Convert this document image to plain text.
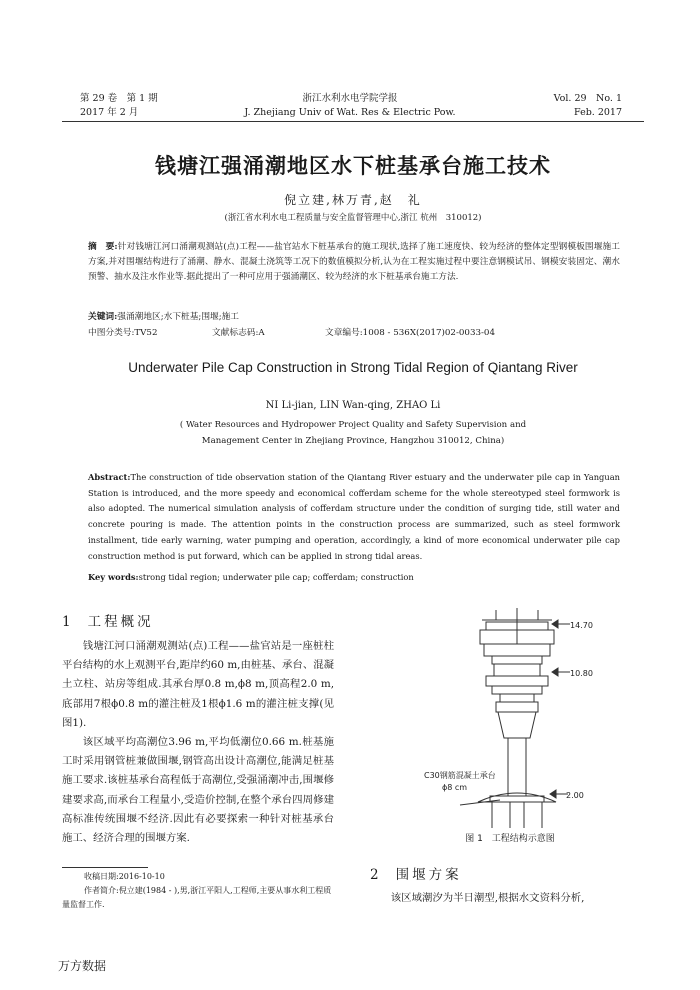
第 29 卷　第 1 期
2017 年 2 月
浙江水利水电学院学报
J. Zhejiang Univ of Wat. Res & Electric Pow.
Vol. 29　No. 1
Feb. 2017
钱塘江强涌潮地区水下桩基承台施工技术
倪立建,林万青,赵　礼
(浙江省水利水电工程质量与安全监督管理中心,浙江 杭州　310012)
摘　要:针对钱塘江河口涌潮观测站(点)工程——盐官站水下桩基承台的施工现状,选择了施工速度快、较为经济的整体定型钢模板围堰施工方案,并对围堰结构进行了涌潮、静水、混凝土浇筑等工况下的数值模拟分析,认为在工程实施过程中要注意钢模试吊、钢模安装固定、潮水预警、抽水及注水作业等.据此提出了一种可应用于强涌潮区、较为经济的水下桩基承台施工方法.
关键词:强涌潮地区;水下桩基;围堰;施工
中图分类号:TV52	文献标志码:A	文章编号:1008 - 536X(2017)02-0033-04
Underwater Pile Cap Construction in Strong Tidal Region of Qiantang River
NI Li-jian, LIN Wan-qing, ZHAO Li
( Water Resources and Hydropower Project Quality and Safety Supervision and
Management Center in Zhejiang Province, Hangzhou 310012, China)
Abstract:The construction of tide observation station of the Qiantang River estuary and the underwater pile cap in Yanguan Station is introduced, and the more speedy and economical cofferdam scheme for the whole stereotyped steel formwork is also adopted. The numerical simulation analysis of cofferdam structure under the condition of surging tide, still water and concrete pouring is made. The attention points in the construction process are summarized, such as steel formwork installment, tide early warning, water pumping and operation, accordingly, a kind of more economical underwater pile cap construction method is put forward, which can be applied in strong tidal areas.
Key words:strong tidal region; underwater pile cap; cofferdam; construction
1 工程概况
钱塘江河口涌潮观测站(点)工程——盐官站是一座桩柱平台结构的水上观测平台,距岸约60 m,由桩基、承台、混凝土立柱、站房等组成.其承台厚0.8 m,ϕ8 m,顶高程2.0 m,底部用7根ϕ0.8 m的灌注桩及1根ϕ1.6 m的灌注桩支撑(见图1).
该区域平均高潮位3.96 m,平均低潮位0.66 m.桩基施工时采用钢管桩兼做围堰,钢管高出设计高潮位,能满足桩基施工要求.该桩基承台高程低于高潮位,受强涌潮冲击,围堰修建要求高,而承台工程量小,受造价控制,在整个承台四周修建高标准传统围堰不经济.因此有必要探索一种针对桩基承台施工、经济合理的围堰方案.
收稿日期:2016-10-10
作者简介:倪立建(1984 - ),男,浙江平阳人,工程师,主要从事水利工程质量监督工作.
14.70
10.80
C30钢筋混凝土承台
ϕ8 cm
2.00
图 1　工程结构示意图
2 围堰方案
该区域潮汐为半日潮型,根据水文资料分析,
万方数据
